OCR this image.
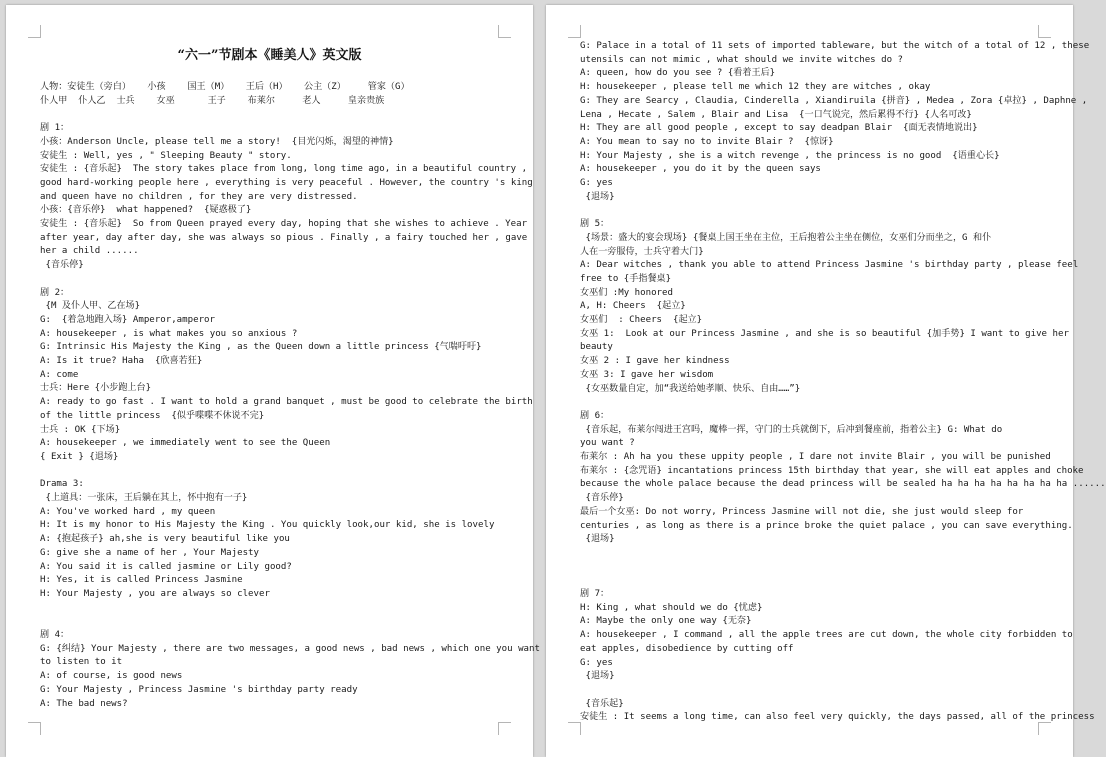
“六一”节剧本《睡美人》英文版
人物：安徒生（旁白）   小孩    国王（M）   王后（H）   公主（Z）    管家（G）
仆人甲  仆人乙  士兵    女巫      王子    布莱尔     老人     皇亲贵族
剧 1：
小孩：Anderson Uncle, please tell me a story!  {目光闪烁，渴望的神情}
安徒生 : Well, yes , " Sleeping Beauty " story.
安徒生 : {音乐起}  The story takes place from long, long time ago, in a beautiful country ,
good hard-working people here , everything is very peaceful . However, the country 's king
and queen have no children , for they are very distressed.
小孩：{音乐停}  what happened?  {疑惑极了}
安徒生 : {音乐起}  So from Queen prayed every day, hoping that she wishes to achieve . Year
after year, day after day, she was always so pious . Finally , a fairy touched her , gave
her a child ......
{音乐停}
剧 2：
{M 及仆人甲、乙在场}
G:  {着急地跑入场} Amperor,amperor
A: housekeeper , is what makes you so anxious ?
G: Intrinsic His Majesty the King , as the Queen down a little princess {气喘吁吁}
A: Is it true? Haha  {欣喜若狂}
A: come
士兵：Here {小步跑上台}
A: ready to go fast . I want to hold a grand banquet , must be good to celebrate the birth
of the little princess  {似乎喋喋不休说不完}
士兵 : OK {下场}
A: housekeeper , we immediately went to see the Queen
{ Exit } {退场}
Drama 3:
{上道具：一张床，王后躺在其上，怀中抱有一子}
A: You've worked hard , my queen
H: It is my honor to His Majesty the King . You quickly look,our kid, she is lovely
A: {抱起孩子} ah,she is very beautiful like you
G: give she a name of her , Your Majesty
A: You said it is called jasmine or Lily good?
H: Yes, it is called Princess Jasmine
H: Your Majesty , you are always so clever
剧 4：
G: {纠结} Your Majesty , there are two messages, a good news , bad news , which one you want
to listen to it
A: of course, is good news
G: Your Majesty , Princess Jasmine 's birthday party ready
A: The bad news?
G: Palace in a total of 11 sets of imported tableware, but the witch of a total of 12 , these
utensils can not mimic , what should we invite witches do ?
A: queen, how do you see ? {看着王后}
H: housekeeper , please tell me which 12 they are witches , okay
G: They are Searcy , Claudia, Cinderella , Xiandiruila {拼音} , Medea , Zora {卓拉} , Daphne ,
Lena , Hecate , Salem , Blair and Lisa  {一口气说完，然后累得不行} {人名可改}
H: They are all good people , except to say deadpan Blair  {面无表情地说出}
A: You mean to say no to invite Blair ?  {惊讶}
H: Your Majesty , she is a witch revenge , the princess is no good  {语重心长}
A: housekeeper , you do it by the queen says
G: yes
{退场}
剧 5：
{场景：盛大的宴会现场} {餐桌上国王坐在主位，王后抱着公主坐在侧位，女巫们分而坐之，G 和仆
人在一旁服侍，士兵守着大门}
A: Dear witches , thank you able to attend Princess Jasmine 's birthday party , please feel
free to {手指餐桌}
女巫们 :My honored
A, H: Cheers  {起立}
女巫们  : Cheers  {起立}
女巫 1:  Look at our Princess Jasmine , and she is so beautiful {加手势} I want to give her
beauty
女巫 2 : I gave her kindness
女巫 3: I gave her wisdom
{女巫数量自定，加“我送给她孝顺、快乐、自由……”}
剧 6：
{音乐起，布莱尔闯进王宫吗，魔棒一挥，守门的士兵就倒下，后冲到餐座前，指着公主} G: What do
you want ?
布莱尔 : Ah ha you these uppity people , I dare not invite Blair , you will be punished
布莱尔 : {念咒语} incantations princess 15th birthday that year, she will eat apples and choke
because the whole palace because the dead princess will be sealed ha ha ha ha ha ha ha ha ......
{音乐停}
最后一个女巫: Do not worry, Princess Jasmine will not die, she just would sleep for
centuries , as long as there is a prince broke the quiet palace , you can save everything.
{退场}
剧 7：
H: King , what should we do {忧虑}
A: Maybe the only one way {无奈}
A: housekeeper , I command , all the apple trees are cut down, the whole city forbidden to
eat apples, disobedience by cutting off
G: yes
{退场}
{音乐起}
安徒生 : It seems a long time, can also feel very quickly, the days passed, all of the princess
